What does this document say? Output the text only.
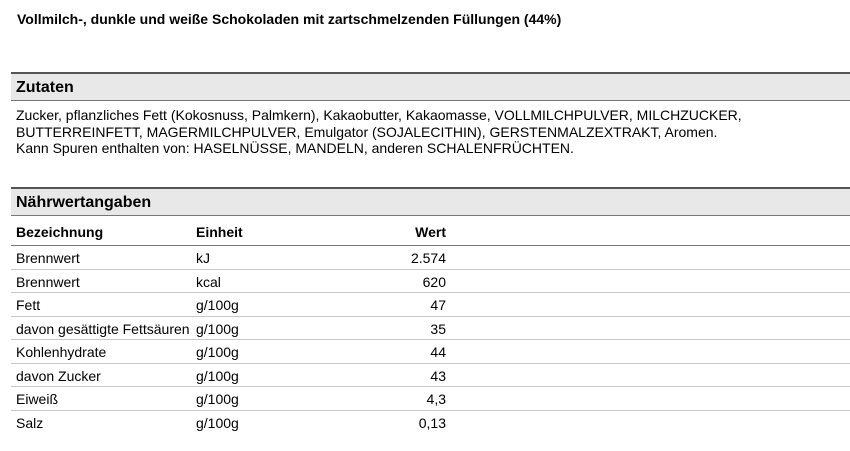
Vollmilch-, dunkle und weiße Schokoladen mit zartschmelzenden Füllungen (44%)
Zutaten
Zucker, pflanzliches Fett (Kokosnuss, Palmkern), Kakaobutter, Kakaomasse, VOLLMILCHPULVER, MILCHZUCKER,
BUTTERREINFETT, MAGERMILCHPULVER, Emulgator (SOJALECITHIN), GERSTENMALZEXTRAKT, Aromen.
Kann Spuren enthalten von: HASELNÜSSE, MANDELN, anderen SCHALENFRÜCHTEN.
Nährwertangaben
Bezeichnung	Einheit	Wert	
Brennwert	kJ	2.574	
Brennwert	kcal	620	
Fett	g/100g	47	
davon gesättigte Fettsäuren	g/100g	35	
Kohlenhydrate	g/100g	44	
davon Zucker	g/100g	43	
Eiweiß	g/100g	4,3	
Salz	g/100g	0,13	
